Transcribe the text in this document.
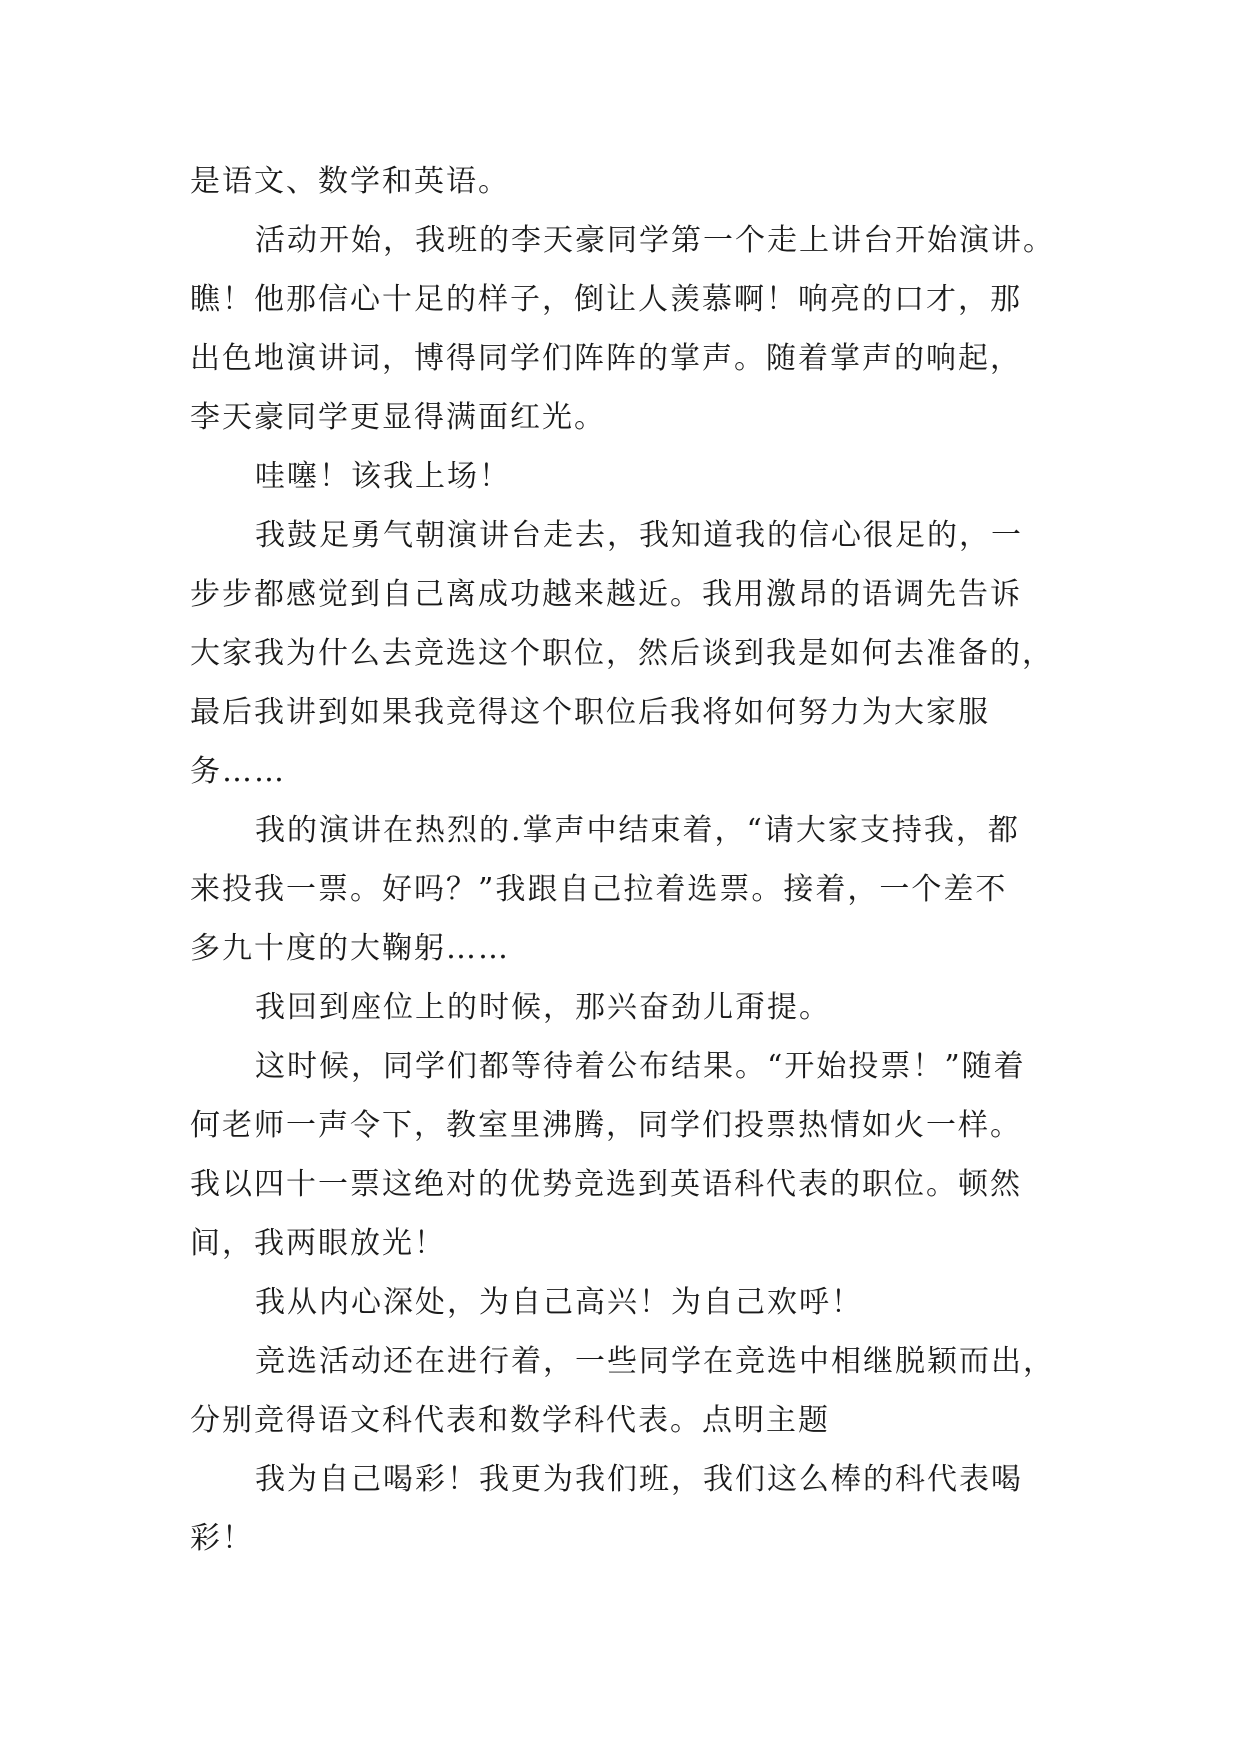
是语文、数学和英语。
活动开始，我班的李天豪同学第一个走上讲台开始演讲。
瞧！他那信心十足的样子，倒让人羡慕啊！响亮的口才，那
出色地演讲词，博得同学们阵阵的掌声。随着掌声的响起，
李天豪同学更显得满面红光。
哇噻！该我上场！
我鼓足勇气朝演讲台走去，我知道我的信心很足的，一
步步都感觉到自己离成功越来越近。我用激昂的语调先告诉
大家我为什么去竞选这个职位，然后谈到我是如何去准备的，
最后我讲到如果我竞得这个职位后我将如何努力为大家服
务……
我的演讲在热烈的.掌声中结束着，“请大家支持我，都
来投我一票。好吗？”我跟自己拉着选票。接着，一个差不
多九十度的大鞠躬……
我回到座位上的时候，那兴奋劲儿甭提。
这时候，同学们都等待着公布结果。“开始投票！”随着
何老师一声令下，教室里沸腾，同学们投票热情如火一样。
我以四十一票这绝对的优势竞选到英语科代表的职位。顿然
间，我两眼放光！
我从内心深处，为自己高兴！为自己欢呼！
竞选活动还在进行着，一些同学在竞选中相继脱颖而出，
分别竞得语文科代表和数学科代表。点明主题
我为自己喝彩！我更为我们班，我们这么棒的科代表喝
彩！
